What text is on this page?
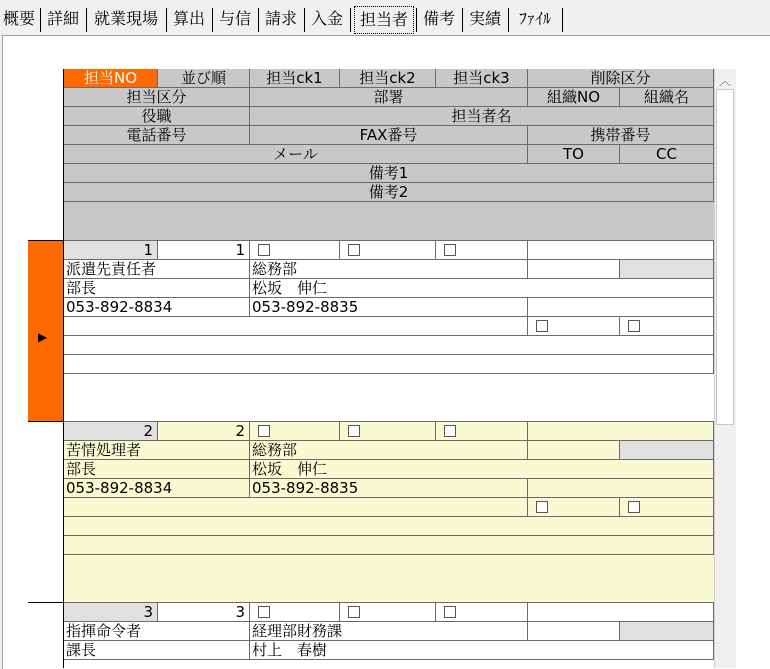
概要 詳細 就業現場 算出 与信 請求 入金	担当者 備考 実績	ﾌｧｲﾙ
▶
担当NO	並び順	担当ck1	担当ck2	担当ck3	削除区分
担当区分	部署	組織NO	組織名
役職	担当者名
電話番号	FAX番号	携帯番号
メール	TO	CC
備考1
備考2
1	1
派遣先責任者	総務部
部長	松坂　伸仁
053-892-8834	053-892-8835
2	2
苦情処理者	総務部
部長	松坂　伸仁
053-892-8834	053-892-8835
3	3
指揮命令者	経理部財務課
課長	村上　春樹
︿
